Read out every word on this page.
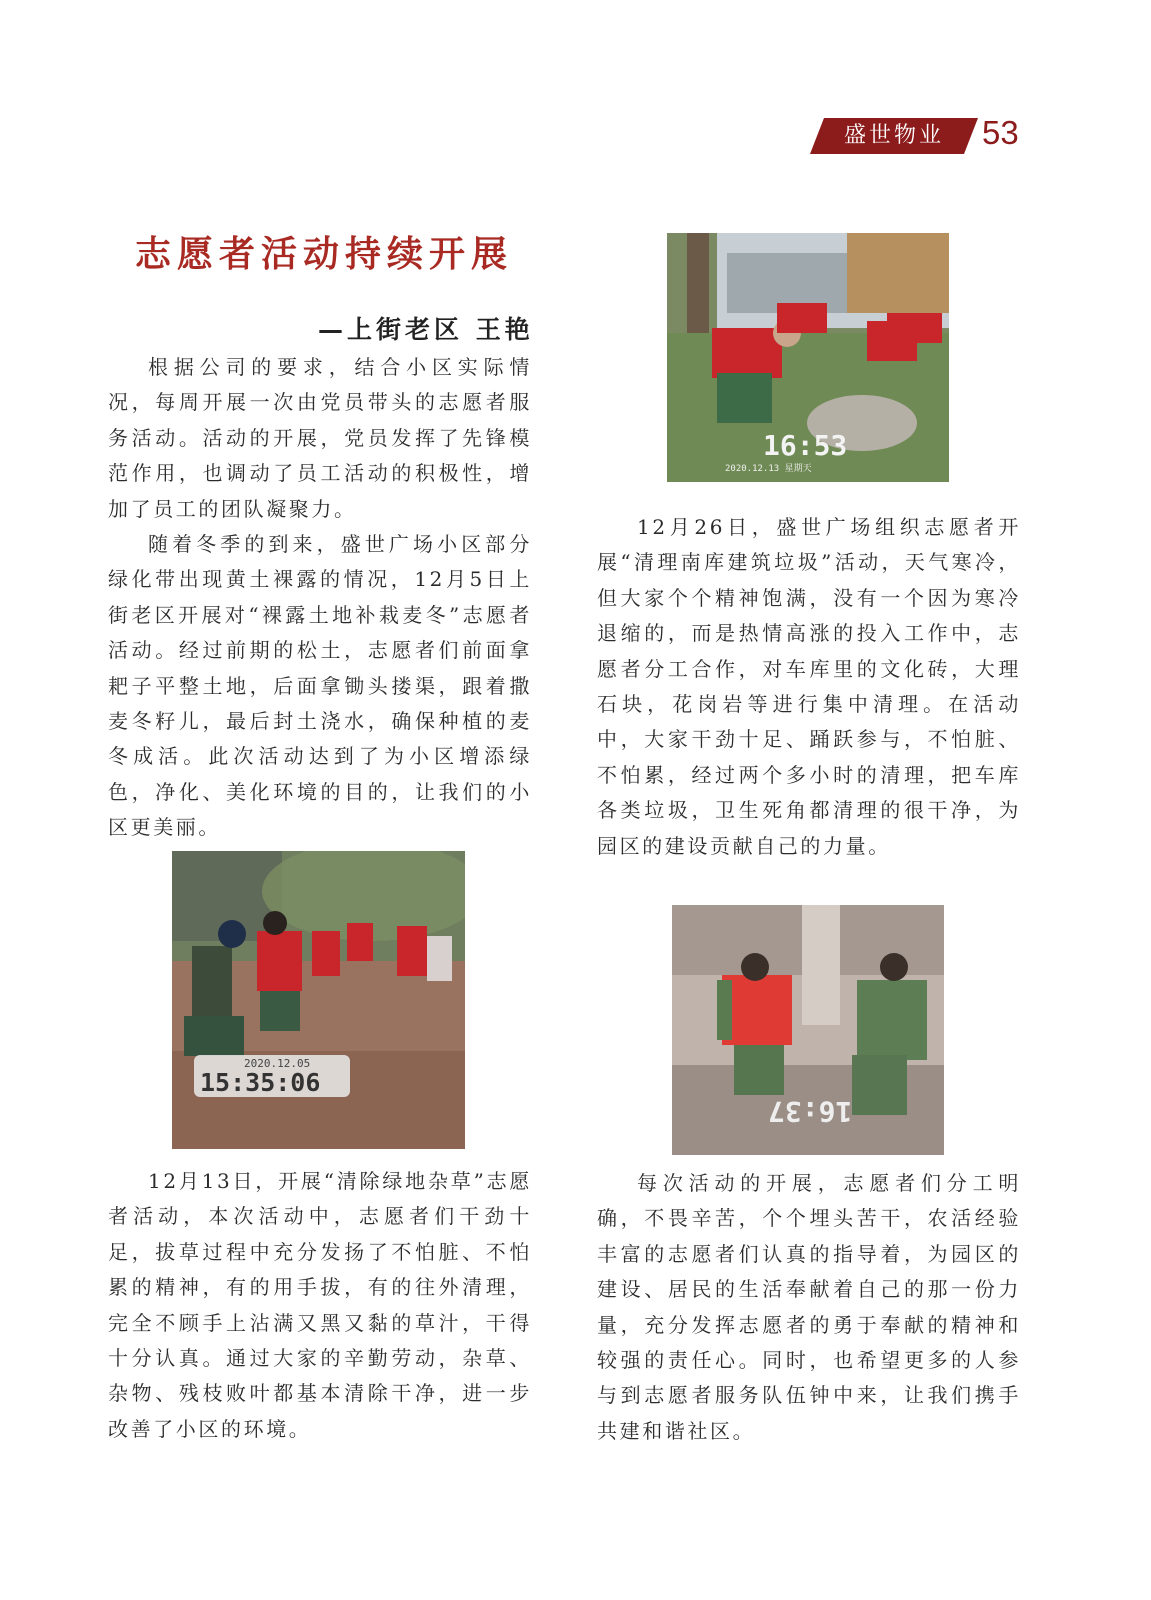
盛世物业	53
志愿者活动持续开展
—上街老区 王艳

根据公司的要求，结合小区实际情况，每周开展一次由党员带头的志愿者服务活动。活动的开展，党员发挥了先锋模范作用，也调动了员工活动的积极性，增加了员工的团队凝聚力。

随着冬季的到来，盛世广场小区部分绿化带出现黄土裸露的情况，12月5日上街老区开展对“裸露土地补栽麦冬”志愿者活动。经过前期的松土，志愿者们前面拿耙子平整土地，后面拿锄头搂渠，跟着撒麦冬籽儿，最后封土浇水，确保种植的麦冬成活。此次活动达到了为小区增添绿色，净化、美化环境的目的，让我们的小区更美丽。

2020.12.05
15:35:06

12月13日，开展“清除绿地杂草”志愿者活动，本次活动中，志愿者们干劲十足，拔草过程中充分发扬了不怕脏、不怕累的精神，有的用手拔，有的往外清理，完全不顾手上沾满又黑又黏的草汁，干得十分认真。通过大家的辛勤劳动，杂草、杂物、残枝败叶都基本清除干净，进一步改善了小区的环境。

16:53
2020.12.13 星期天

12月26日，盛世广场组织志愿者开展“清理南库建筑垃圾”活动，天气寒冷，但大家个个精神饱满，没有一个因为寒冷退缩的，而是热情高涨的投入工作中，志愿者分工合作，对车库里的文化砖，大理石块，花岗岩等进行集中清理。在活动中，大家干劲十足、踊跃参与，不怕脏、不怕累，经过两个多小时的清理，把车库各类垃圾，卫生死角都清理的很干净，为园区的建设贡献自己的力量。

16:37

每次活动的开展，志愿者们分工明确，不畏辛苦，个个埋头苦干，农活经验丰富的志愿者们认真的指导着，为园区的建设、居民的生活奉献着自己的那一份力量，充分发挥志愿者的勇于奉献的精神和较强的责任心。同时，也希望更多的人参与到志愿者服务队伍钟中来，让我们携手共建和谐社区。
